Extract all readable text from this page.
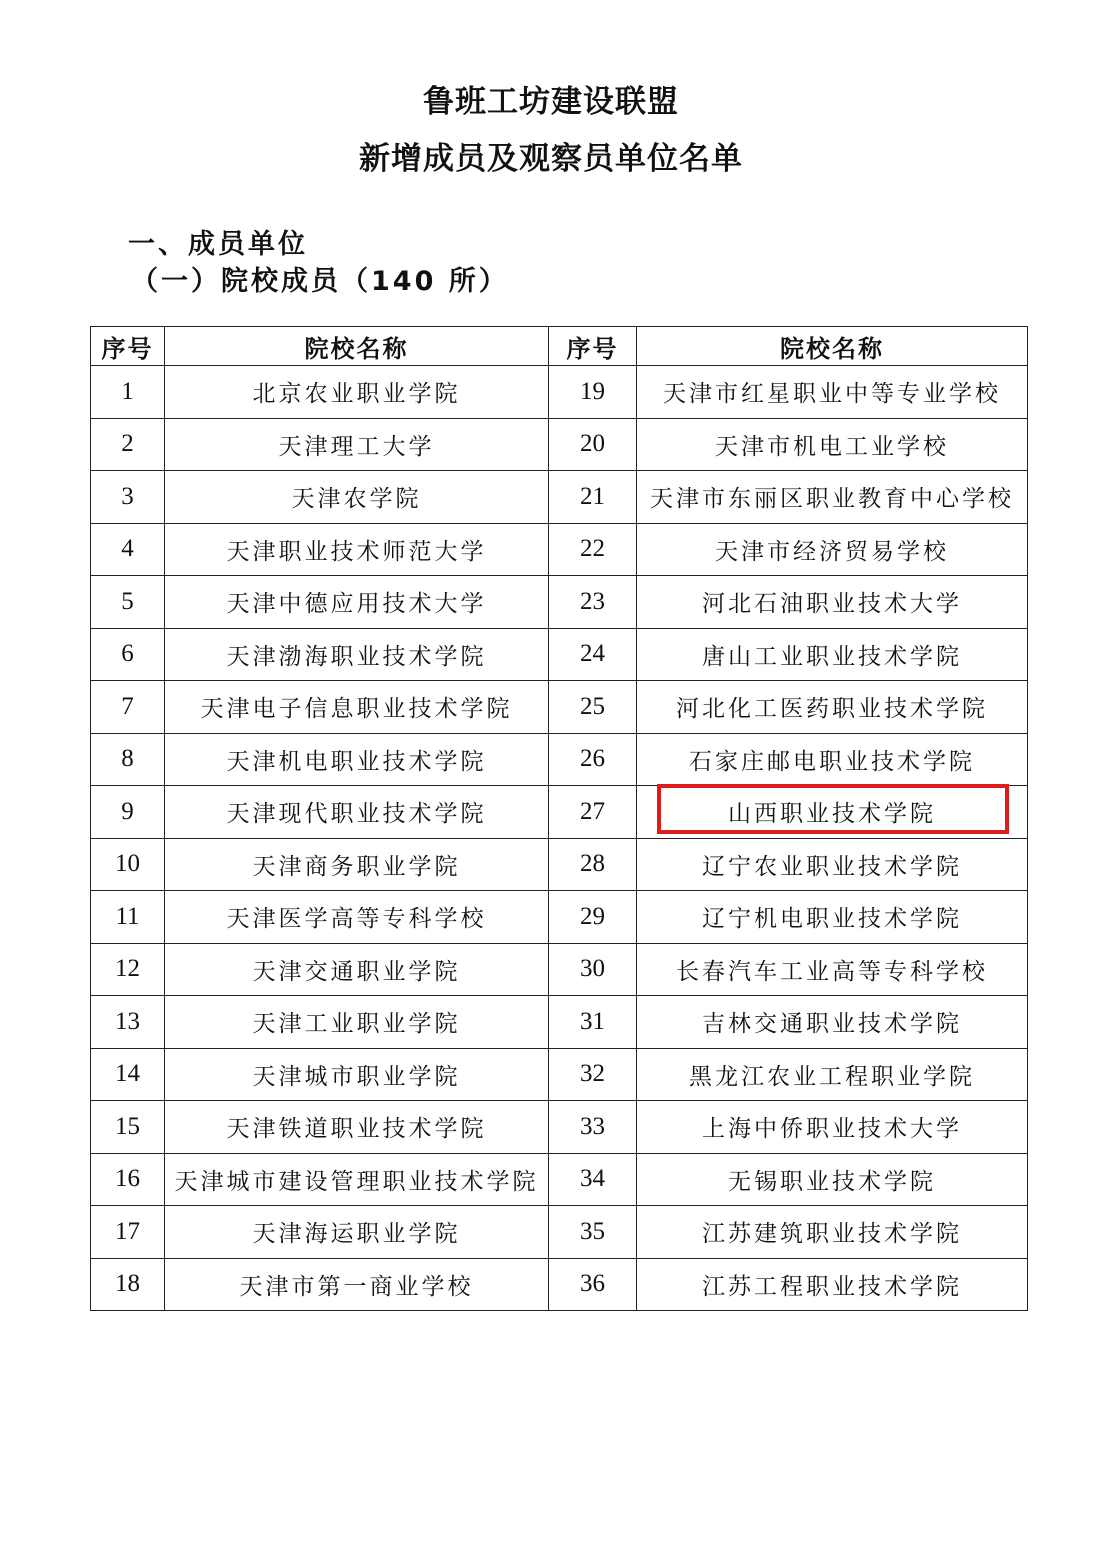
鲁班工坊建设联盟
新增成员及观察员单位名单
一、成员单位
（一）院校成员（140 所）
序号	院校名称	序号	院校名称
1	北京农业职业学院	19	天津市红星职业中等专业学校
2	天津理工大学	20	天津市机电工业学校
3	天津农学院	21	天津市东丽区职业教育中心学校
4	天津职业技术师范大学	22	天津市经济贸易学校
5	天津中德应用技术大学	23	河北石油职业技术大学
6	天津渤海职业技术学院	24	唐山工业职业技术学院
7	天津电子信息职业技术学院	25	河北化工医药职业技术学院
8	天津机电职业技术学院	26	石家庄邮电职业技术学院
9	天津现代职业技术学院	27	山西职业技术学院
10	天津商务职业学院	28	辽宁农业职业技术学院
11	天津医学高等专科学校	29	辽宁机电职业技术学院
12	天津交通职业学院	30	长春汽车工业高等专科学校
13	天津工业职业学院	31	吉林交通职业技术学院
14	天津城市职业学院	32	黑龙江农业工程职业学院
15	天津铁道职业技术学院	33	上海中侨职业技术大学
16	天津城市建设管理职业技术学院	34	无锡职业技术学院
17	天津海运职业学院	35	江苏建筑职业技术学院
18	天津市第一商业学校	36	江苏工程职业技术学院
